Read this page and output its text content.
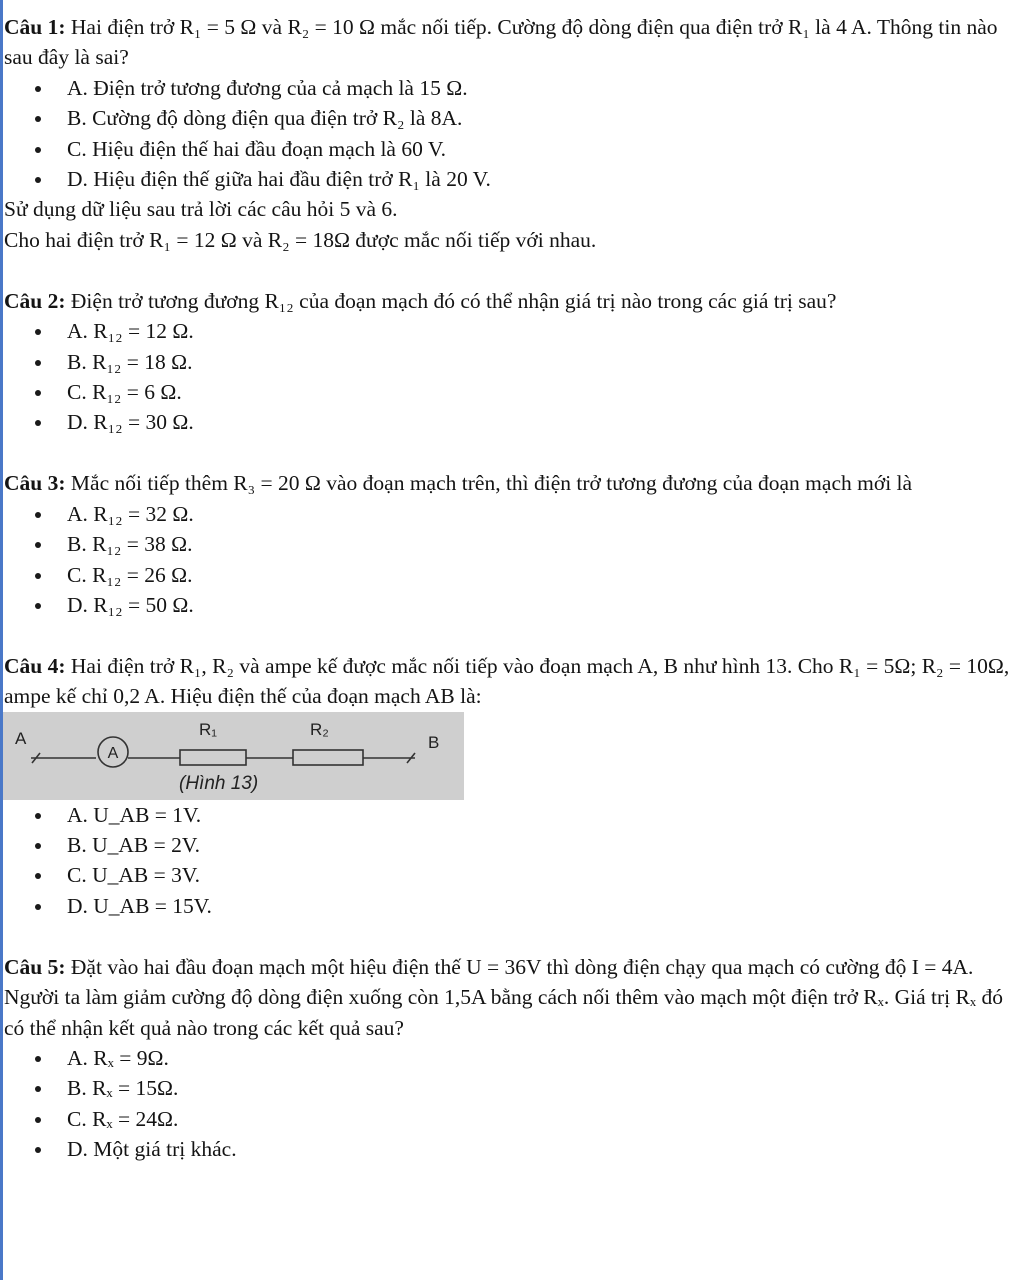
Câu 1: Hai điện trở R₁ = 5 Ω và R₂ = 10 Ω mắc nối tiếp. Cường độ dòng điện qua điện trở R₁ là 4 A. Thông tin nào sau đây là sai?

A. Điện trở tương đương của cả mạch là 15 Ω.
B. Cường độ dòng điện qua điện trở R₂ là 8A.
C. Hiệu điện thế hai đầu đoạn mạch là 60 V.
D. Hiệu điện thế giữa hai đầu điện trở R₁ là 20 V.

Sử dụng dữ liệu sau trả lời các câu hỏi 5 và 6.

Cho hai điện trở R₁ = 12 Ω và R₂ = 18Ω được mắc nối tiếp với nhau.

Câu 2: Điện trở tương đương R₁₂ của đoạn mạch đó có thể nhận giá trị nào trong các giá trị sau?

A. R₁₂ = 12 Ω.
B. R₁₂ = 18 Ω.
C. R₁₂ = 6 Ω.
D. R₁₂ = 30 Ω.

Câu 3: Mắc nối tiếp thêm R₃ = 20 Ω vào đoạn mạch trên, thì điện trở tương đương của đoạn mạch mới là

A. R₁₂ = 32 Ω.
B. R₁₂ = 38 Ω.
C. R₁₂ = 26 Ω.
D. R₁₂ = 50 Ω.

Câu 4: Hai điện trở R₁, R₂ và ampe kế được mắc nối tiếp vào đoạn mạch A, B như hình 13. Cho R₁ = 5Ω; R₂ = 10Ω, ampe kế chỉ 0,2 A. Hiệu điện thế của đoạn mạch AB là:

A	B
R₁	R₂
A
(Hình 13)
A. U_AB = 1V.
B. U_AB = 2V.
C. U_AB = 3V.
D. U_AB = 15V.

Câu 5: Đặt vào hai đầu đoạn mạch một hiệu điện thế U = 36V thì dòng điện chạy qua mạch có cường độ I = 4A. Người ta làm giảm cường độ dòng điện xuống còn 1,5A bằng cách nối thêm vào mạch một điện trở Rₓ. Giá trị Rₓ đó có thể nhận kết quả nào trong các kết quả sau?

A. Rₓ = 9Ω.
B. Rₓ = 15Ω.
C. Rₓ = 24Ω.
D. Một giá trị khác.
